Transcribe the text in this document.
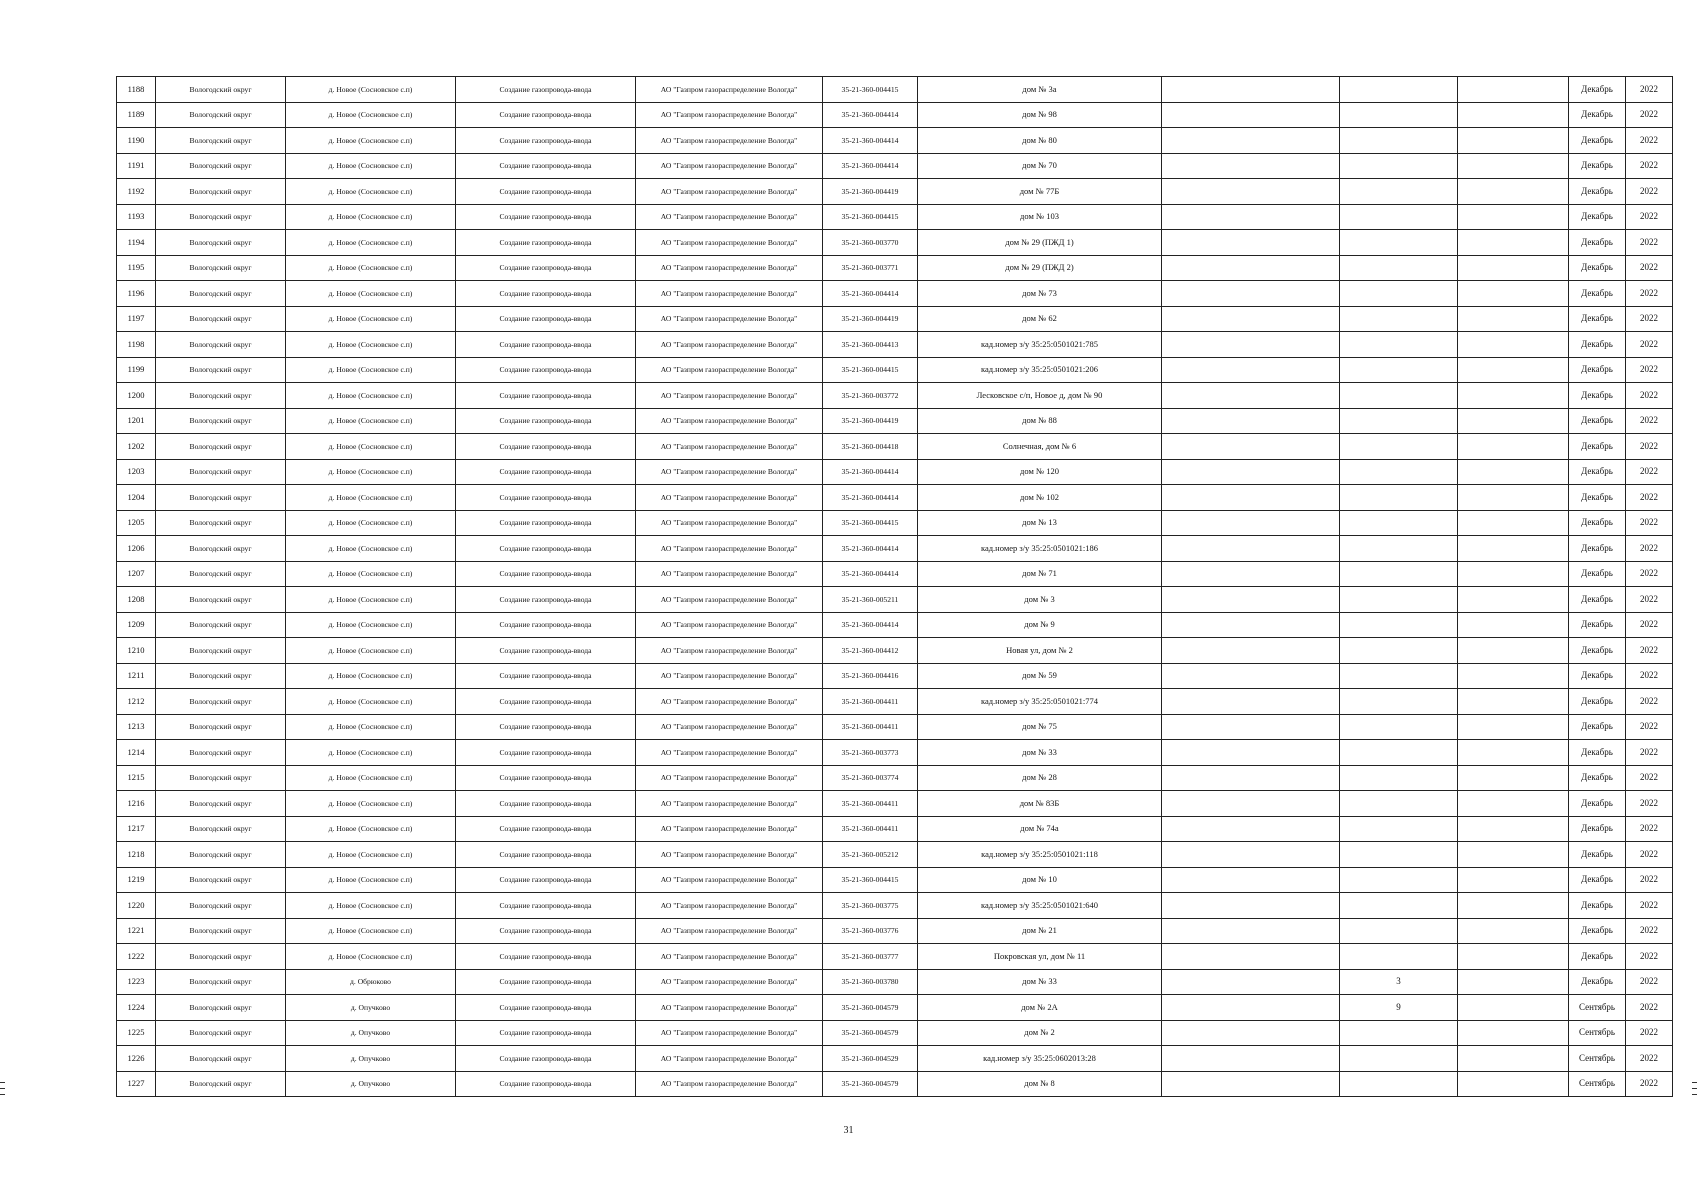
1188	Вологодский округ	д. Новое (Сосновское с.п)	Создание газопровода-ввода	АО "Газпром газораспределение Вологда"	35-21-360-004415	дом № 3а				Декабрь	2022
1189	Вологодский округ	д. Новое (Сосновское с.п)	Создание газопровода-ввода	АО "Газпром газораспределение Вологда"	35-21-360-004414	дом № 98				Декабрь	2022
1190	Вологодский округ	д. Новое (Сосновское с.п)	Создание газопровода-ввода	АО "Газпром газораспределение Вологда"	35-21-360-004414	дом № 80				Декабрь	2022
1191	Вологодский округ	д. Новое (Сосновское с.п)	Создание газопровода-ввода	АО "Газпром газораспределение Вологда"	35-21-360-004414	дом № 70				Декабрь	2022
1192	Вологодский округ	д. Новое (Сосновское с.п)	Создание газопровода-ввода	АО "Газпром газораспределение Вологда"	35-21-360-004419	дом № 77Б				Декабрь	2022
1193	Вологодский округ	д. Новое (Сосновское с.п)	Создание газопровода-ввода	АО "Газпром газораспределение Вологда"	35-21-360-004415	дом № 103				Декабрь	2022
1194	Вологодский округ	д. Новое (Сосновское с.п)	Создание газопровода-ввода	АО "Газпром газораспределение Вологда"	35-21-360-003770	дом № 29 (ПЖД 1)				Декабрь	2022
1195	Вологодский округ	д. Новое (Сосновское с.п)	Создание газопровода-ввода	АО "Газпром газораспределение Вологда"	35-21-360-003771	дом № 29 (ПЖД 2)				Декабрь	2022
1196	Вологодский округ	д. Новое (Сосновское с.п)	Создание газопровода-ввода	АО "Газпром газораспределение Вологда"	35-21-360-004414	дом № 73				Декабрь	2022
1197	Вологодский округ	д. Новое (Сосновское с.п)	Создание газопровода-ввода	АО "Газпром газораспределение Вологда"	35-21-360-004419	дом № 62				Декабрь	2022
1198	Вологодский округ	д. Новое (Сосновское с.п)	Создание газопровода-ввода	АО "Газпром газораспределение Вологда"	35-21-360-004413	кад.номер з/у 35:25:0501021:785				Декабрь	2022
1199	Вологодский округ	д. Новое (Сосновское с.п)	Создание газопровода-ввода	АО "Газпром газораспределение Вологда"	35-21-360-004415	кад.номер з/у 35:25:0501021:206				Декабрь	2022
1200	Вологодский округ	д. Новое (Сосновское с.п)	Создание газопровода-ввода	АО "Газпром газораспределение Вологда"	35-21-360-003772	Лесковское с/п, Новое д, дом № 90				Декабрь	2022
1201	Вологодский округ	д. Новое (Сосновское с.п)	Создание газопровода-ввода	АО "Газпром газораспределение Вологда"	35-21-360-004419	дом № 88				Декабрь	2022
1202	Вологодский округ	д. Новое (Сосновское с.п)	Создание газопровода-ввода	АО "Газпром газораспределение Вологда"	35-21-360-004418	Солнечная, дом № 6				Декабрь	2022
1203	Вологодский округ	д. Новое (Сосновское с.п)	Создание газопровода-ввода	АО "Газпром газораспределение Вологда"	35-21-360-004414	дом № 120				Декабрь	2022
1204	Вологодский округ	д. Новое (Сосновское с.п)	Создание газопровода-ввода	АО "Газпром газораспределение Вологда"	35-21-360-004414	дом № 102				Декабрь	2022
1205	Вологодский округ	д. Новое (Сосновское с.п)	Создание газопровода-ввода	АО "Газпром газораспределение Вологда"	35-21-360-004415	дом № 13				Декабрь	2022
1206	Вологодский округ	д. Новое (Сосновское с.п)	Создание газопровода-ввода	АО "Газпром газораспределение Вологда"	35-21-360-004414	кад.номер з/у 35:25:0501021:186				Декабрь	2022
1207	Вологодский округ	д. Новое (Сосновское с.п)	Создание газопровода-ввода	АО "Газпром газораспределение Вологда"	35-21-360-004414	дом № 71				Декабрь	2022
1208	Вологодский округ	д. Новое (Сосновское с.п)	Создание газопровода-ввода	АО "Газпром газораспределение Вологда"	35-21-360-005211	дом № 3				Декабрь	2022
1209	Вологодский округ	д. Новое (Сосновское с.п)	Создание газопровода-ввода	АО "Газпром газораспределение Вологда"	35-21-360-004414	дом № 9				Декабрь	2022
1210	Вологодский округ	д. Новое (Сосновское с.п)	Создание газопровода-ввода	АО "Газпром газораспределение Вологда"	35-21-360-004412	Новая ул, дом № 2				Декабрь	2022
1211	Вологодский округ	д. Новое (Сосновское с.п)	Создание газопровода-ввода	АО "Газпром газораспределение Вологда"	35-21-360-004416	дом № 59				Декабрь	2022
1212	Вологодский округ	д. Новое (Сосновское с.п)	Создание газопровода-ввода	АО "Газпром газораспределение Вологда"	35-21-360-004411	кад.номер з/у 35:25:0501021:774				Декабрь	2022
1213	Вологодский округ	д. Новое (Сосновское с.п)	Создание газопровода-ввода	АО "Газпром газораспределение Вологда"	35-21-360-004411	дом № 75				Декабрь	2022
1214	Вологодский округ	д. Новое (Сосновское с.п)	Создание газопровода-ввода	АО "Газпром газораспределение Вологда"	35-21-360-003773	дом № 33				Декабрь	2022
1215	Вологодский округ	д. Новое (Сосновское с.п)	Создание газопровода-ввода	АО "Газпром газораспределение Вологда"	35-21-360-003774	дом № 28				Декабрь	2022
1216	Вологодский округ	д. Новое (Сосновское с.п)	Создание газопровода-ввода	АО "Газпром газораспределение Вологда"	35-21-360-004411	дом № 83Б				Декабрь	2022
1217	Вологодский округ	д. Новое (Сосновское с.п)	Создание газопровода-ввода	АО "Газпром газораспределение Вологда"	35-21-360-004411	дом № 74а				Декабрь	2022
1218	Вологодский округ	д. Новое (Сосновское с.п)	Создание газопровода-ввода	АО "Газпром газораспределение Вологда"	35-21-360-005212	кад.номер з/у 35:25:0501021:118				Декабрь	2022
1219	Вологодский округ	д. Новое (Сосновское с.п)	Создание газопровода-ввода	АО "Газпром газораспределение Вологда"	35-21-360-004415	дом № 10				Декабрь	2022
1220	Вологодский округ	д. Новое (Сосновское с.п)	Создание газопровода-ввода	АО "Газпром газораспределение Вологда"	35-21-360-003775	кад.номер з/у 35:25:0501021:640				Декабрь	2022
1221	Вологодский округ	д. Новое (Сосновское с.п)	Создание газопровода-ввода	АО "Газпром газораспределение Вологда"	35-21-360-003776	дом № 21				Декабрь	2022
1222	Вологодский округ	д. Новое (Сосновское с.п)	Создание газопровода-ввода	АО "Газпром газораспределение Вологда"	35-21-360-003777	Покровская ул, дом № 11				Декабрь	2022
1223	Вологодский округ	д. Обрюково	Создание газопровода-ввода	АО "Газпром газораспределение Вологда"	35-21-360-003780	дом № 33		3		Декабрь	2022
1224	Вологодский округ	д. Опучково	Создание газопровода-ввода	АО "Газпром газораспределение Вологда"	35-21-360-004579	дом № 2А		9		Сентябрь	2022
1225	Вологодский округ	д. Опучково	Создание газопровода-ввода	АО "Газпром газораспределение Вологда"	35-21-360-004579	дом № 2				Сентябрь	2022
1226	Вологодский округ	д. Опучково	Создание газопровода-ввода	АО "Газпром газораспределение Вологда"	35-21-360-004529	кад.номер з/у 35:25:0602013:28				Сентябрь	2022
1227	Вологодский округ	д. Опучково	Создание газопровода-ввода	АО "Газпром газораспределение Вологда"	35-21-360-004579	дом № 8				Сентябрь	2022
31
